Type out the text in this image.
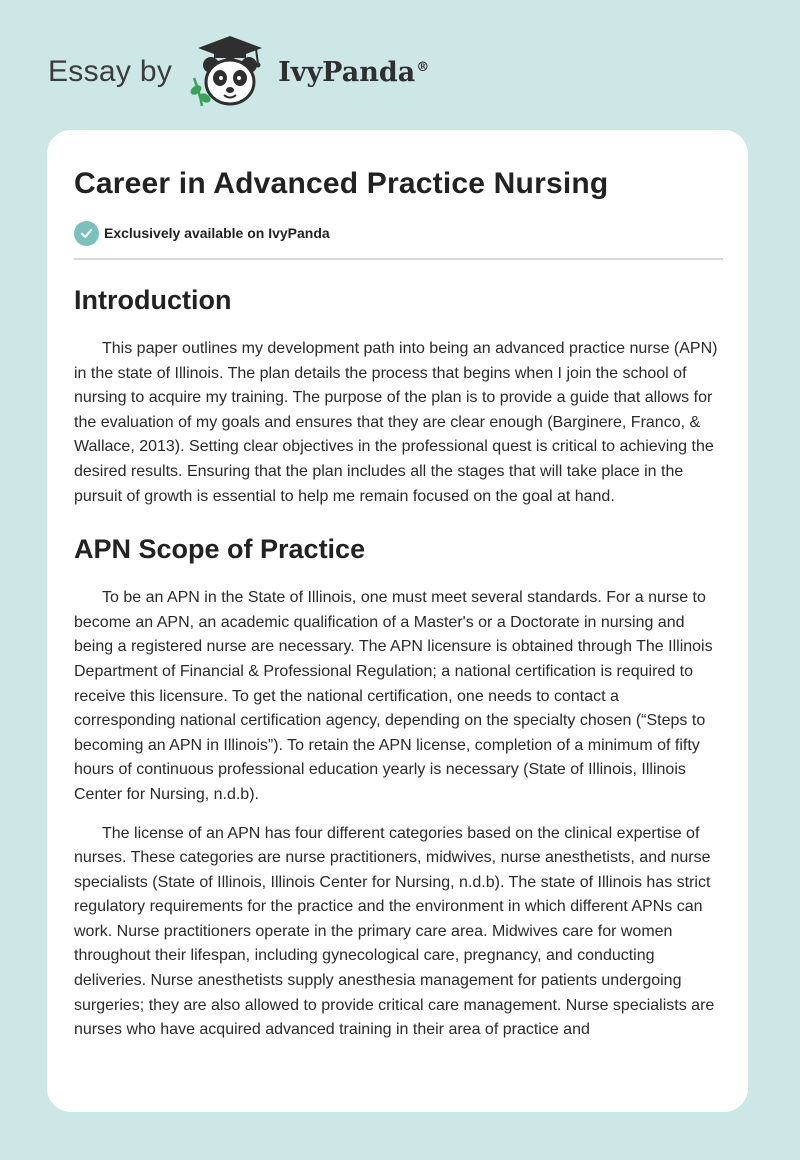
Essay by	IvyPanda®
Career in Advanced Practice Nursing
Exclusively available on IvyPanda
Introduction

This paper outlines my development path into being an advanced practice nurse (APN) in the state of Illinois. The plan details the process that begins when I join the school of nursing to acquire my training. The purpose of the plan is to provide a guide that allows for the evaluation of my goals and ensures that they are clear enough (Barginere, Franco, & Wallace, 2013). Setting clear objectives in the professional quest is critical to achieving the desired results. Ensuring that the plan includes all the stages that will take place in the pursuit of growth is essential to help me remain focused on the goal at hand.

APN Scope of Practice

To be an APN in the State of Illinois, one must meet several standards. For a nurse to become an APN, an academic qualification of a Master's or a Doctorate in nursing and being a registered nurse are necessary. The APN licensure is obtained through The Illinois Department of Financial & Professional Regulation; a national certification is required to receive this licensure. To get the national certification, one needs to contact a corresponding national certification agency, depending on the specialty chosen (“Steps to becoming an APN in Illinois”). To retain the APN license, completion of a minimum of fifty hours of continuous professional education yearly is necessary (State of Illinois, Illinois Center for Nursing, n.d.b).

The license of an APN has four different categories based on the clinical expertise of nurses. These categories are nurse practitioners, midwives, nurse anesthetists, and nurse specialists (State of Illinois, Illinois Center for Nursing, n.d.b). The state of Illinois has strict regulatory requirements for the practice and the environment in which different APNs can work. Nurse practitioners operate in the primary care area. Midwives care for women throughout their lifespan, including gynecological care, pregnancy, and conducting deliveries. Nurse anesthetists supply anesthesia management for patients undergoing surgeries; they are also allowed to provide critical care management. Nurse specialists are nurses who have acquired advanced training in their area of practice and
